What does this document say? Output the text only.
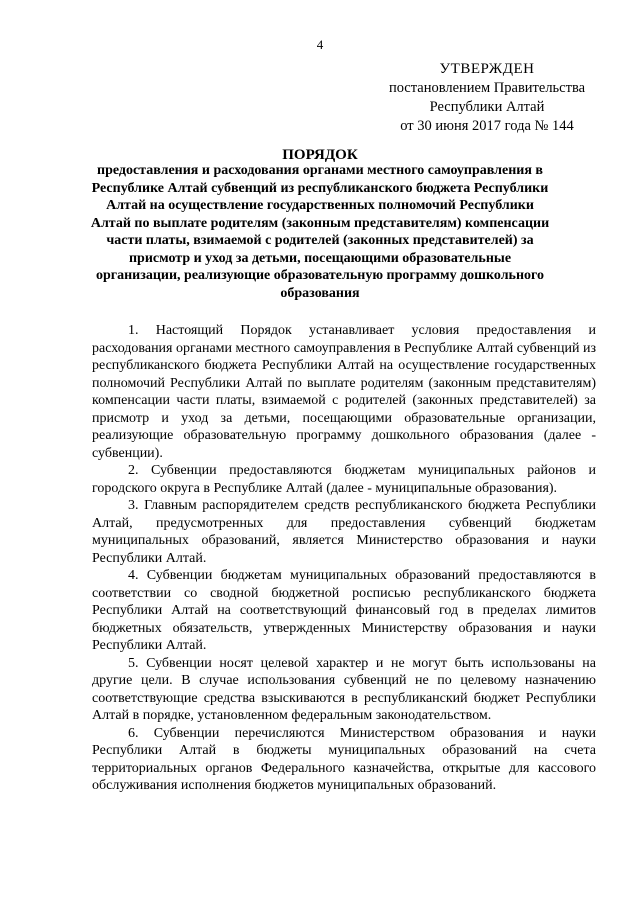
4
УТВЕРЖДЕН
постановлением Правительства
Республики Алтай
от 30 июня 2017 года № 144
ПОРЯДОК
предоставления и расходования органами местного самоуправления в Республике Алтай субвенций из республиканского бюджета Республики Алтай на осуществление государственных полномочий Республики Алтай по выплате родителям (законным представителям) компенсации части платы, взимаемой с родителей (законных представителей) за присмотр и уход за детьми, посещающими образовательные организации, реализующие образовательную программу дошкольного образования

1. Настоящий Порядок устанавливает условия предоставления и расходования органами местного самоуправления в Республике Алтай субвенций из республиканского бюджета Республики Алтай на осуществление государственных полномочий Республики Алтай по выплате родителям (законным представителям) компенсации части платы, взимаемой с родителей (законных представителей) за присмотр и уход за детьми, посещающими образовательные организации, реализующие образовательную программу дошкольного образования (далее - субвенции).

2. Субвенции предоставляются бюджетам муниципальных районов и городского округа в Республике Алтай (далее - муниципальные образования).

3. Главным распорядителем средств республиканского бюджета Республики Алтай, предусмотренных для предоставления субвенций бюджетам муниципальных образований, является Министерство образования и науки Республики Алтай.

4. Субвенции бюджетам муниципальных образований предоставляются в соответствии со сводной бюджетной росписью республиканского бюджета Республики Алтай на соответствующий финансовый год в пределах лимитов бюджетных обязательств, утвержденных Министерству образования и науки Республики Алтай.

5. Субвенции носят целевой характер и не могут быть использованы на другие цели. В случае использования субвенций не по целевому назначению соответствующие средства взыскиваются в республиканский бюджет Республики Алтай в порядке, установленном федеральным законодательством.

6. Субвенции перечисляются Министерством образования и науки Республики Алтай в бюджеты муниципальных образований на счета территориальных органов Федерального казначейства, открытые для кассового обслуживания исполнения бюджетов муниципальных образований.
